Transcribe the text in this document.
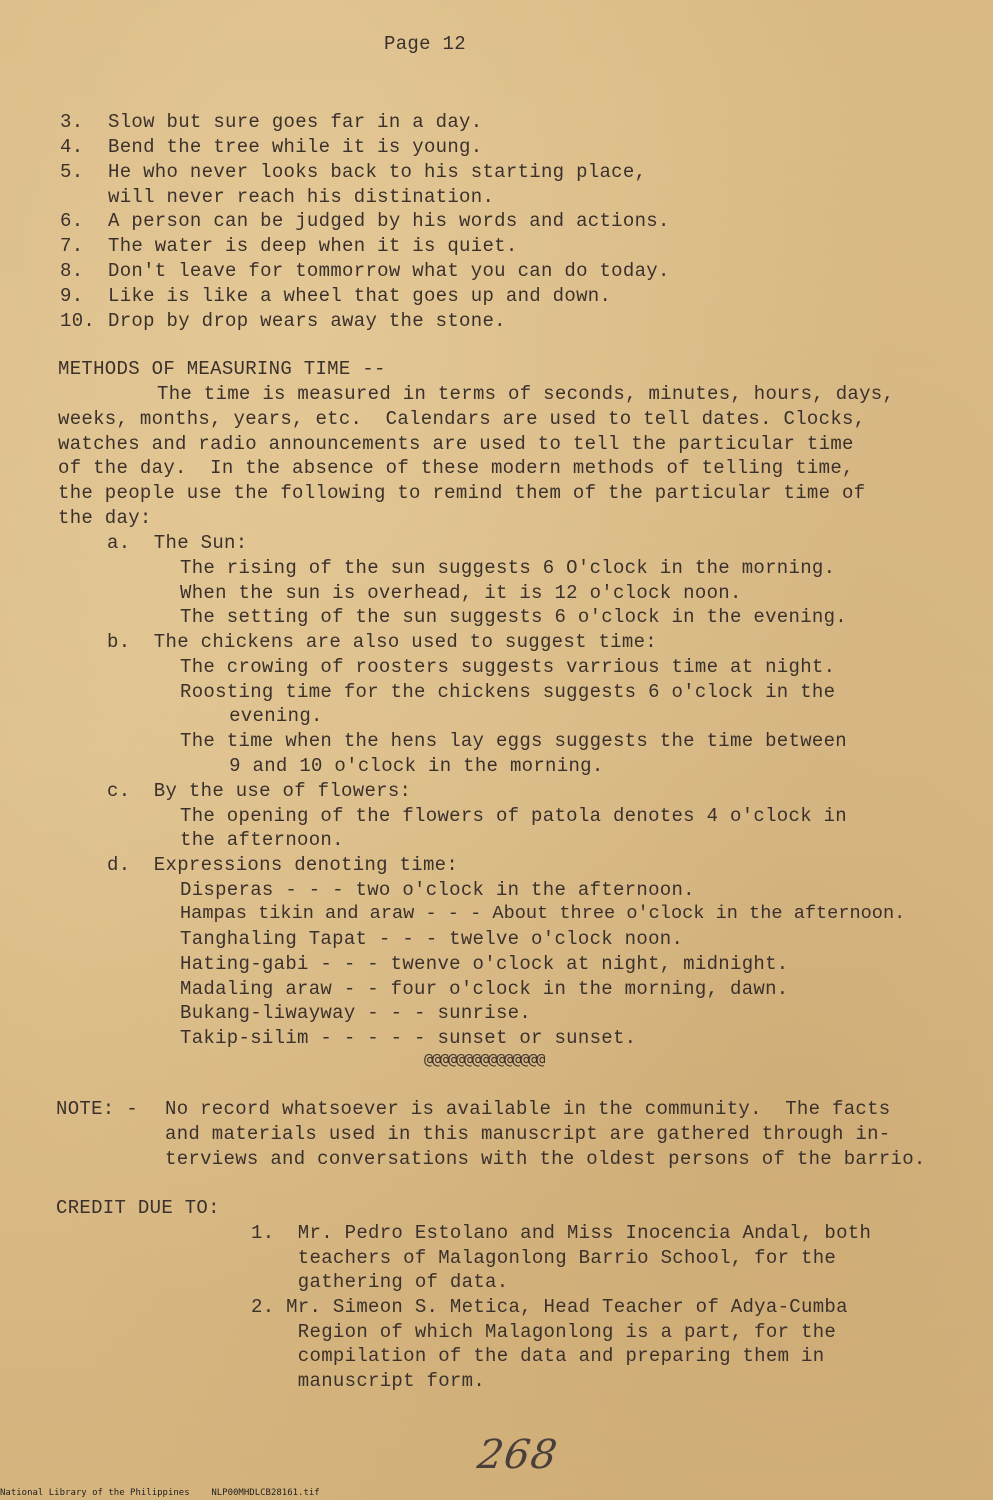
Page 12
3. Slow but sure goes far in a day.
4. Bend the tree while it is young.
5. He who never looks back to his starting place,
will never reach his distination.
6. A person can be judged by his words and actions.
7. The water is deep when it is quiet.
8. Don't leave for tommorrow what you can do today.
9. Like is like a wheel that goes up and down.
10. Drop by drop wears away the stone.
METHODS OF MEASURING TIME --
The time is measured in terms of seconds, minutes, hours, days,
weeks, months, years, etc.  Calendars are used to tell dates. Clocks,
watches and radio announcements are used to tell the particular time
of the day.  In the absence of these modern methods of telling time,
the people use the following to remind them of the particular time of
the day:
a.  The Sun:
The rising of the sun suggests 6 O'clock in the morning.
When the sun is overhead, it is 12 o'clock noon.
The setting of the sun suggests 6 o'clock in the evening.
b.  The chickens are also used to suggest time:
The crowing of roosters suggests varrious time at night.
Roosting time for the chickens suggests 6 o'clock in the
evening.
The time when the hens lay eggs suggests the time between
9 and 10 o'clock in the morning.
c.  By the use of flowers:
The opening of the flowers of patola denotes 4 o'clock in
the afternoon.
d.  Expressions denoting time:
Disperas - - - two o'clock in the afternoon.
Hampas tikin and araw - - - About three o'clock in the afternoon.
Tanghaling Tapat - - - twelve o'clock noon.
Hating-gabi - - - twenve o'clock at night, midnight.
Madaling araw - - four o'clock in the morning, dawn.
Bukang-liwayway - - - sunrise.
Takip-silim - - - - - sunset or sunset.
@@@@@@@@@@@@@@@
NOTE: - No record whatsoever is available in the community.  The facts
and materials used in this manuscript are gathered through in-
terviews and conversations with the oldest persons of the barrio.
CREDIT DUE TO:
1.  Mr. Pedro Estolano and Miss Inocencia Andal, both
teachers of Malagonlong Barrio School, for the
gathering of data.
2. Mr. Simeon S. Metica, Head Teacher of Adya-Cumba
Region of which Malagonlong is a part, for the
compilation of the data and preparing them in
manuscript form.
268
National Library of the Philippines NLP00MHDLCB28161.tif
